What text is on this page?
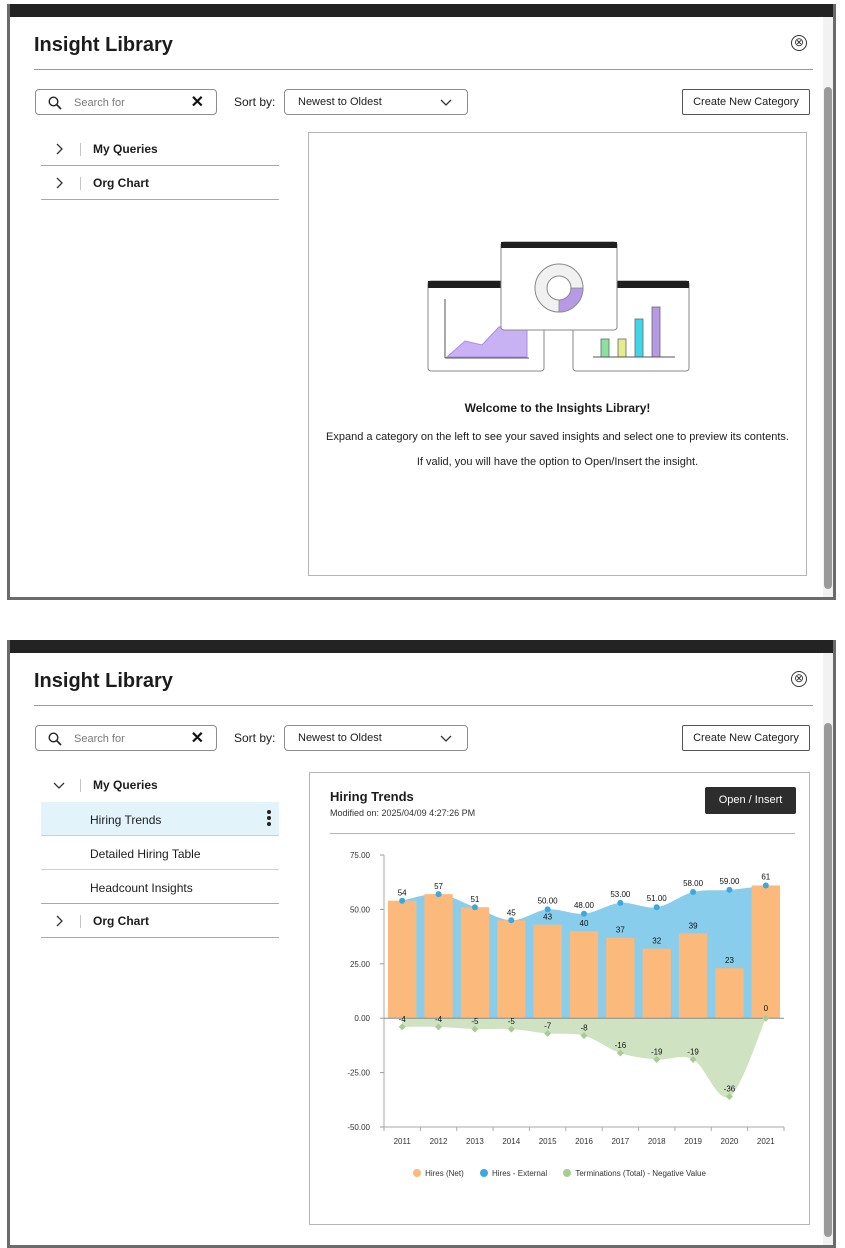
Insight Library	⊗
Search for
✕	Sort by:	Newest to Oldest	Create New Category
My Queries
Org Chart
Welcome to the Insights Library!
Expand a category on the left to see your saved insights and select one to preview its contents.
If valid, you will have the option to Open/Insert the insight.
Insight Library	⊗
Search for
✕	Sort by:	Newest to Oldest	Create New Category
My Queries
Hiring Trends
Detailed Hiring Table
Headcount Insights
Org Chart
Hiring Trends
Modified on: 2025/04/09 4:27:26 PM
Open / Insert
75.00
50.00
25.00
0.00
-25.00
-50.00
54
57
51
45	43
40
37
32
39
23
0
50.00 48.00
53.00 51.00
58.00 59.00	61
-4	-4	-5	-5	-7	-8
-16
-19	-19
-36
2011 2012 2013 2014 2015 2016 2017 2018 2019 2020 2021
Hires (Net)	Hires - External	Terminations (Total) - Negative Value
